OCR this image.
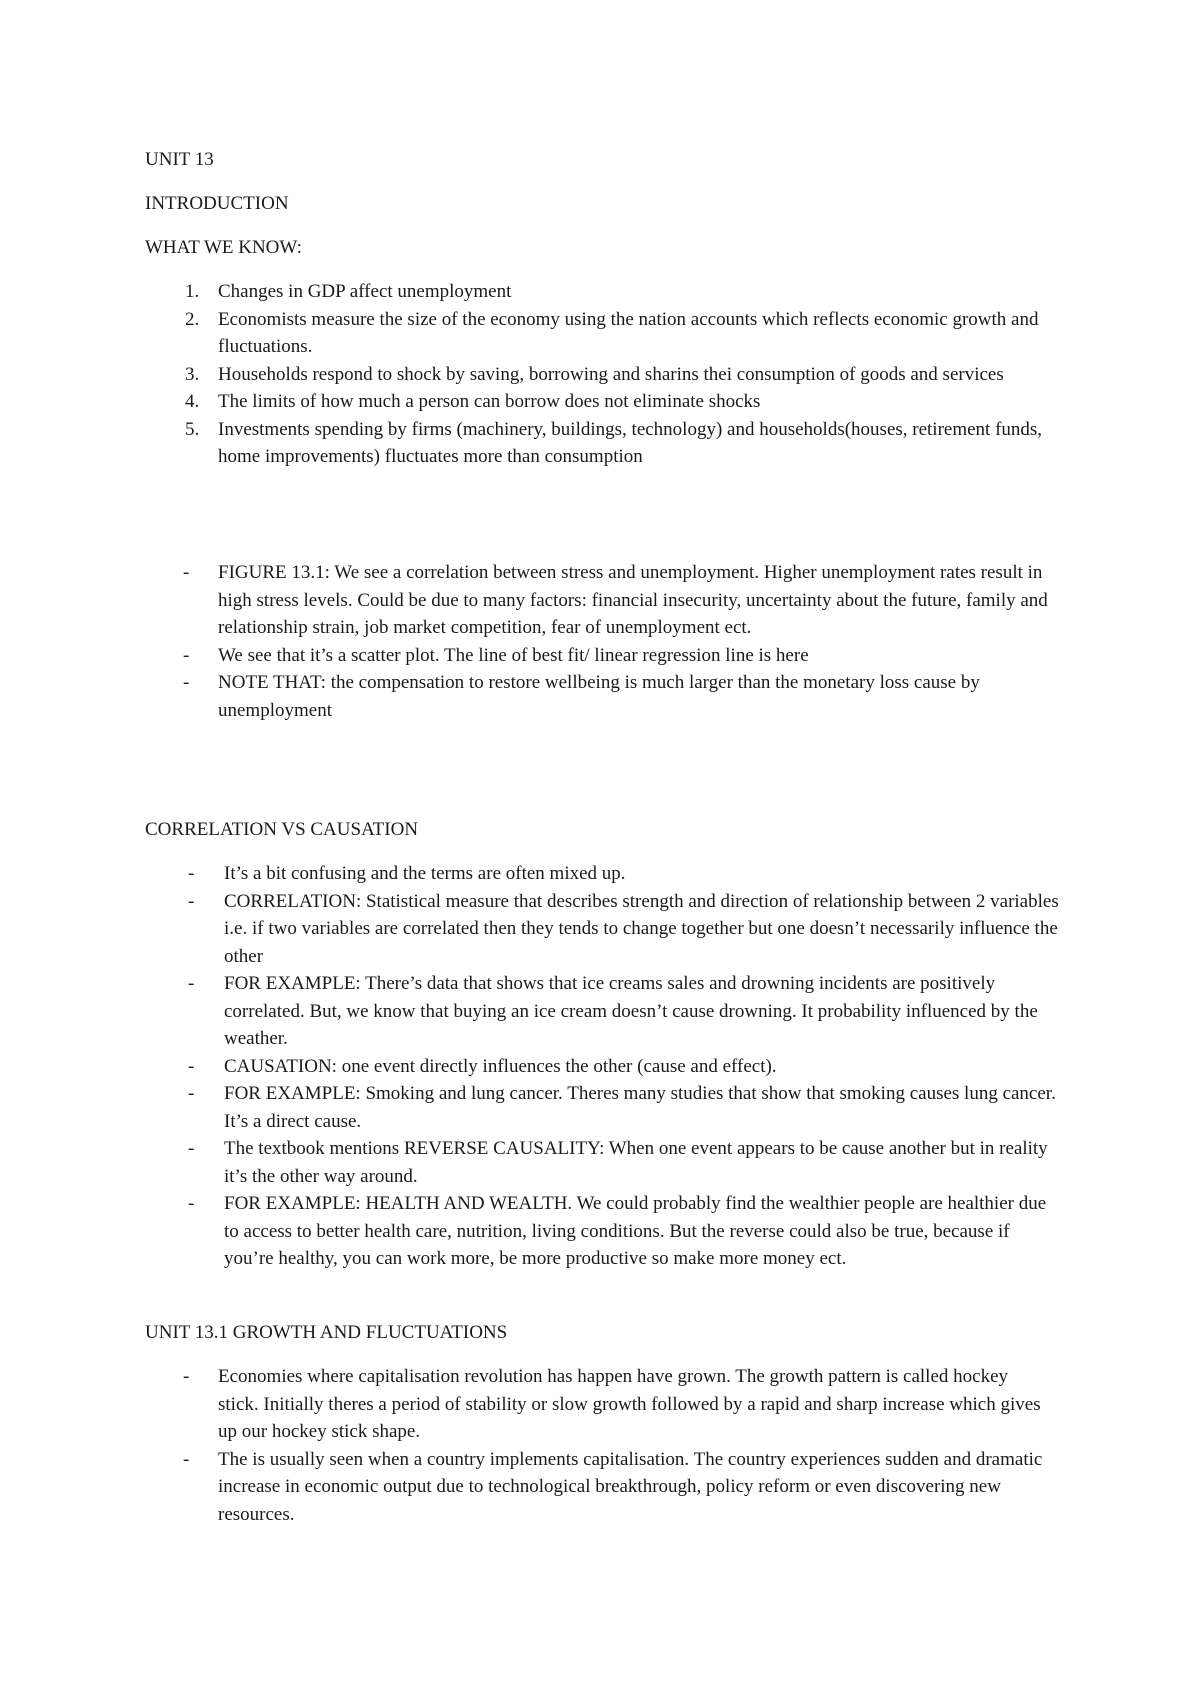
UNIT 13
INTRODUCTION
WHAT WE KNOW:
1. Changes in GDP affect unemployment
2. Economists measure the size of the economy using the nation accounts which reflects economic growth and fluctuations.
3. Households respond to shock by saving, borrowing and sharins thei consumption of goods and services
4. The limits of how much a person can borrow does not eliminate shocks
5. Investments spending by firms (machinery, buildings, technology) and households(houses, retirement funds, home improvements) fluctuates more than consumption
- FIGURE 13.1: We see a correlation between stress and unemployment. Higher unemployment rates result in high stress levels. Could be due to many factors: financial insecurity, uncertainty about the future, family and relationship strain, job market competition, fear of unemployment ect.
- We see that it’s a scatter plot. The line of best fit/ linear regression line is here
- NOTE THAT: the compensation to restore wellbeing is much larger than the monetary loss cause by unemployment
CORRELATION VS CAUSATION
- It’s a bit confusing and the terms are often mixed up.
- CORRELATION: Statistical measure that describes strength and direction of relationship between 2 variables i.e. if two variables are correlated then they tends to change together but one doesn’t necessarily influence the other
- FOR EXAMPLE: There’s data that shows that ice creams sales and drowning incidents are positively correlated. But, we know that buying an ice cream doesn’t cause drowning. It probability influenced by the weather.
- CAUSATION: one event directly influences the other (cause and effect).
- FOR EXAMPLE: Smoking and lung cancer. Theres many studies that show that smoking causes lung cancer. It’s a direct cause.
- The textbook mentions REVERSE CAUSALITY: When one event appears to be cause another but in reality it’s the other way around.
- FOR EXAMPLE: HEALTH AND WEALTH. We could probably find the wealthier people are healthier due to access to better health care, nutrition, living conditions. But the reverse could also be true, because if you’re healthy, you can work more, be more productive so make more money ect.
UNIT 13.1 GROWTH AND FLUCTUATIONS
- Economies where capitalisation revolution has happen have grown. The growth pattern is called hockey stick. Initially theres a period of stability or slow growth followed by a rapid and sharp increase which gives up our hockey stick shape.
- The is usually seen when a country implements capitalisation. The country experiences sudden and dramatic increase in economic output due to technological breakthrough, policy reform or even discovering new resources.
